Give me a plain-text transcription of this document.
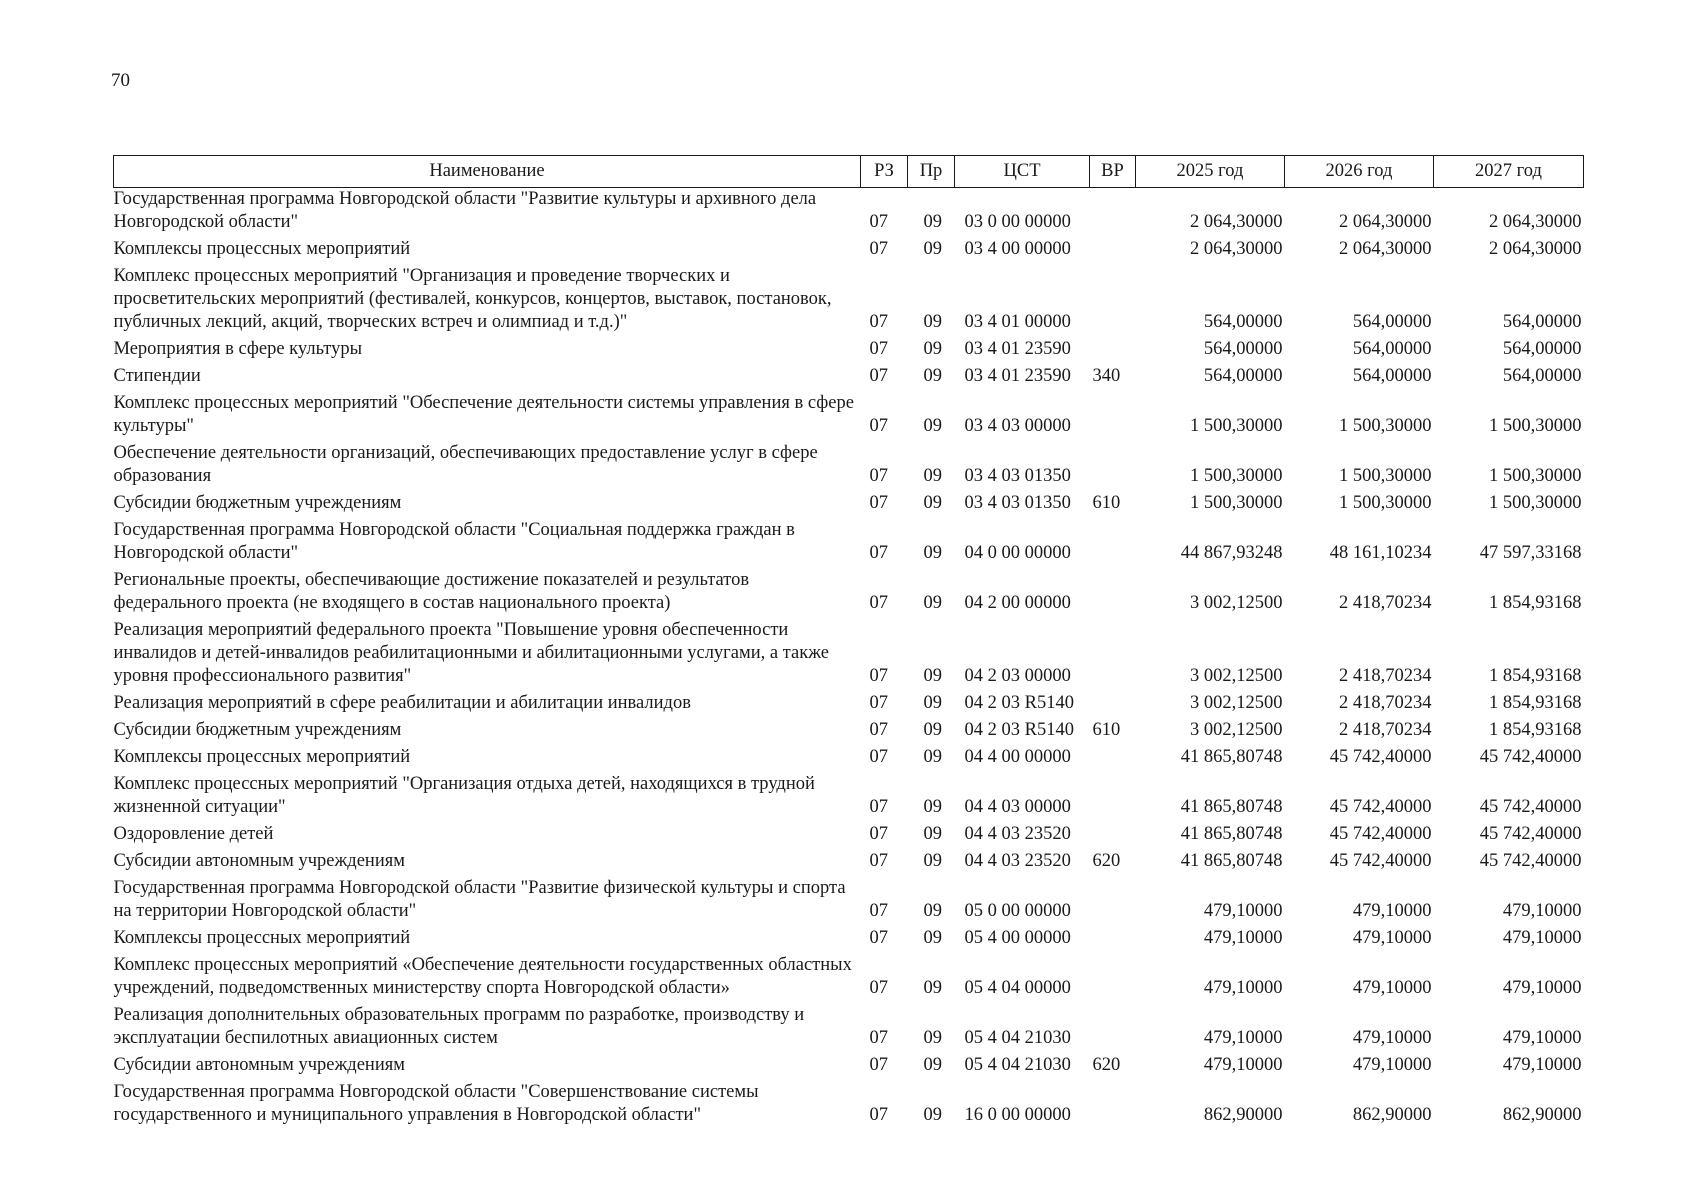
70
Наименование	РЗ	Пр	ЦСТ	ВР	2025 год	2026 год	2027 год
Государственная программа Новгородской области "Развитие культуры и архивного дела Новгородской области"	07	09	03 0 00 00000		2 064,30000	2 064,30000	2 064,30000
Комплексы процессных мероприятий	07	09	03 4 00 00000		2 064,30000	2 064,30000	2 064,30000
Комплекс процессных мероприятий "Организация и проведение творческих и просветительских мероприятий (фестивалей, конкурсов, концертов, выставок, постановок, публичных лекций, акций, творческих встреч и олимпиад и т.д.)"	07	09	03 4 01 00000		564,00000	564,00000	564,00000
Мероприятия в сфере культуры	07	09	03 4 01 23590		564,00000	564,00000	564,00000
Стипендии	07	09	03 4 01 23590	340	564,00000	564,00000	564,00000
Комплекс процессных мероприятий "Обеспечение деятельности системы управления в сфере культуры"	07	09	03 4 03 00000		1 500,30000	1 500,30000	1 500,30000
Обеспечение деятельности организаций, обеспечивающих предоставление услуг в сфере образования	07	09	03 4 03 01350		1 500,30000	1 500,30000	1 500,30000
Субсидии бюджетным учреждениям	07	09	03 4 03 01350	610	1 500,30000	1 500,30000	1 500,30000
Государственная программа Новгородской области "Социальная поддержка граждан в Новгородской области"	07	09	04 0 00 00000		44 867,93248	48 161,10234	47 597,33168
Региональные проекты, обеспечивающие достижение показателей и результатов федерального проекта (не входящего в состав национального проекта)	07	09	04 2 00 00000		3 002,12500	2 418,70234	1 854,93168
Реализация мероприятий федерального проекта "Повышение уровня обеспеченности инвалидов и детей-инвалидов реабилитационными и абилитационными услугами, а также уровня профессионального развития"	07	09	04 2 03 00000		3 002,12500	2 418,70234	1 854,93168
Реализация мероприятий в сфере реабилитации и абилитации инвалидов	07	09	04 2 03 R5140		3 002,12500	2 418,70234	1 854,93168
Субсидии бюджетным учреждениям	07	09	04 2 03 R5140	610	3 002,12500	2 418,70234	1 854,93168
Комплексы процессных мероприятий	07	09	04 4 00 00000		41 865,80748	45 742,40000	45 742,40000
Комплекс процессных мероприятий "Организация отдыха детей, находящихся в трудной жизненной ситуации"	07	09	04 4 03 00000		41 865,80748	45 742,40000	45 742,40000
Оздоровление детей	07	09	04 4 03 23520		41 865,80748	45 742,40000	45 742,40000
Субсидии автономным учреждениям	07	09	04 4 03 23520	620	41 865,80748	45 742,40000	45 742,40000
Государственная программа Новгородской области "Развитие физической культуры и спорта на территории Новгородской области"	07	09	05 0 00 00000		479,10000	479,10000	479,10000
Комплексы процессных мероприятий	07	09	05 4 00 00000		479,10000	479,10000	479,10000
Комплекс процессных мероприятий «Обеспечение деятельности государственных областных учреждений, подведомственных министерству спорта Новгородской области»	07	09	05 4 04 00000		479,10000	479,10000	479,10000
Реализация дополнительных образовательных программ по разработке, производству и эксплуатации беспилотных авиационных систем	07	09	05 4 04 21030		479,10000	479,10000	479,10000
Субсидии автономным учреждениям	07	09	05 4 04 21030	620	479,10000	479,10000	479,10000
Государственная программа Новгородской области "Совершенствование системы государственного и муниципального управления в Новгородской области"	07	09	16 0 00 00000		862,90000	862,90000	862,90000
